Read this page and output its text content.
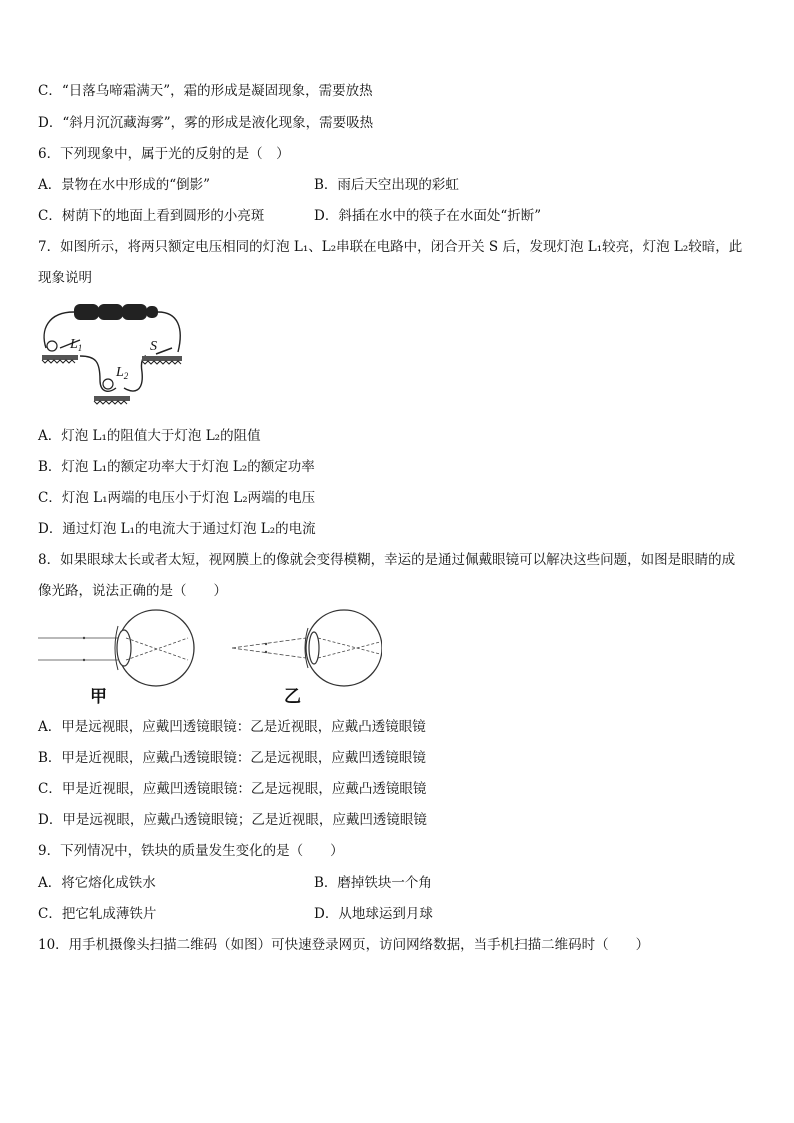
C．“日落乌啼霜满天”，霜的形成是凝固现象，需要放热
D．“斜月沉沉藏海雾”，雾的形成是液化现象，需要吸热
6．下列现象中，属于光的反射的是（　）
A．景物在水中形成的“倒影”	B．雨后天空出现的彩虹
C．树荫下的地面上看到圆形的小亮斑	D．斜插在水中的筷子在水面处“折断”
7．如图所示，将两只额定电压相同的灯泡 L₁、L₂串联在电路中，闭合开关 S 后，发现灯泡 L₁较亮，灯泡 L₂较暗，此
现象说明
$L_1$
$L_2$
S
A．灯泡 L₁的阻值大于灯泡 L₂的阻值
B．灯泡 L₁的额定功率大于灯泡 L₂的额定功率
C．灯泡 L₁两端的电压小于灯泡 L₂两端的电压
D．通过灯泡 L₁的电流大于通过灯泡 L₂的电流
8．如果眼球太长或者太短，视网膜上的像就会变得模糊，幸运的是通过佩戴眼镜可以解决这些问题，如图是眼睛的成
像光路，说法正确的是（　　）
甲	乙
A．甲是远视眼，应戴凹透镜眼镜：乙是近视眼，应戴凸透镜眼镜
B．甲是近视眼，应戴凸透镜眼镜：乙是远视眼，应戴凹透镜眼镜
C．甲是近视眼，应戴凹透镜眼镜：乙是远视眼，应戴凸透镜眼镜
D．甲是远视眼，应戴凸透镜眼镜；乙是近视眼，应戴凹透镜眼镜
9．下列情况中，铁块的质量发生变化的是（　　）
A．将它熔化成铁水	B．磨掉铁块一个角
C．把它轧成薄铁片	D．从地球运到月球
10．用手机摄像头扫描二维码（如图）可快速登录网页，访问网络数据，当手机扫描二维码时（　　）
